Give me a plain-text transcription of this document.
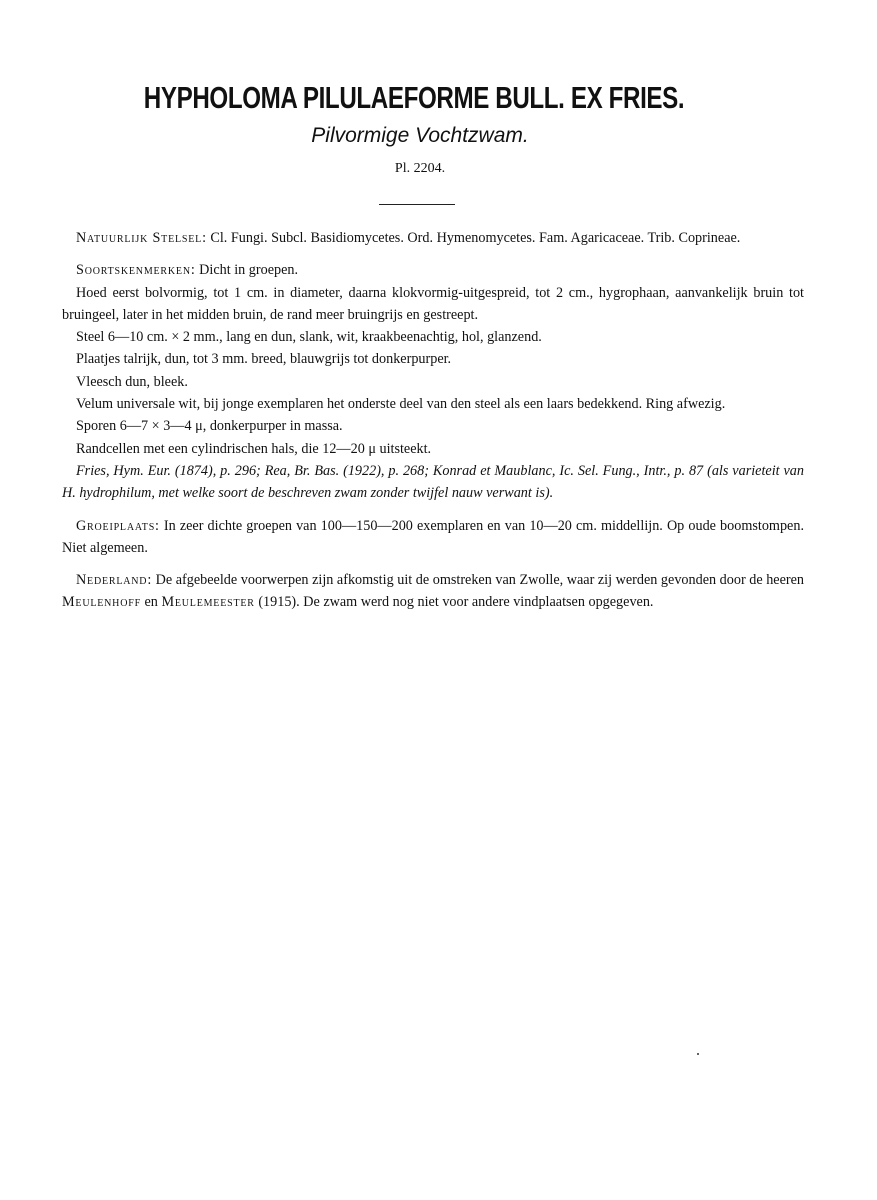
HYPHOLOMA PILULAEFORME BULL. EX FRIES.
Pilvormige Vochtzwam.
Pl. 2204.

Natuurlijk Stelsel: Cl. Fungi. Subcl. Basidiomycetes. Ord. Hymenomycetes. Fam. Agaricaceae. Trib. Coprineae.

Soortskenmerken: Dicht in groepen.

Hoed eerst bolvormig, tot 1 cm. in diameter, daarna klokvormig-uitgespreid, tot 2 cm., hygrophaan, aanvankelijk bruin tot bruingeel, later in het midden bruin, de rand meer bruingrijs en gestreept.

Steel 6—10 cm. × 2 mm., lang en dun, slank, wit, kraakbeenachtig, hol, glanzend.

Plaatjes talrijk, dun, tot 3 mm. breed, blauwgrijs tot donkerpurper.

Vleesch dun, bleek.

Velum universale wit, bij jonge exemplaren het onderste deel van den steel als een laars bedekkend. Ring afwezig.

Sporen 6—7 × 3—4 μ, donkerpurper in massa.

Randcellen met een cylindrischen hals, die 12—20 μ uitsteekt.

Fries, Hym. Eur. (1874), p. 296; Rea, Br. Bas. (1922), p. 268; Konrad et Maublanc, Ic. Sel. Fung., Intr., p. 87 (als varieteit van H. hydrophilum, met welke soort de beschreven zwam zonder twijfel nauw verwant is).

Groeiplaats: In zeer dichte groepen van 100—150—200 exemplaren en van 10—20 cm. middellijn. Op oude boomstompen. Niet algemeen.

Nederland: De afgebeelde voorwerpen zijn afkomstig uit de omstreken van Zwolle, waar zij werden gevonden door de heeren Meulenhoff en Meulemeester (1915). De zwam werd nog niet voor andere vindplaatsen opgegeven.
